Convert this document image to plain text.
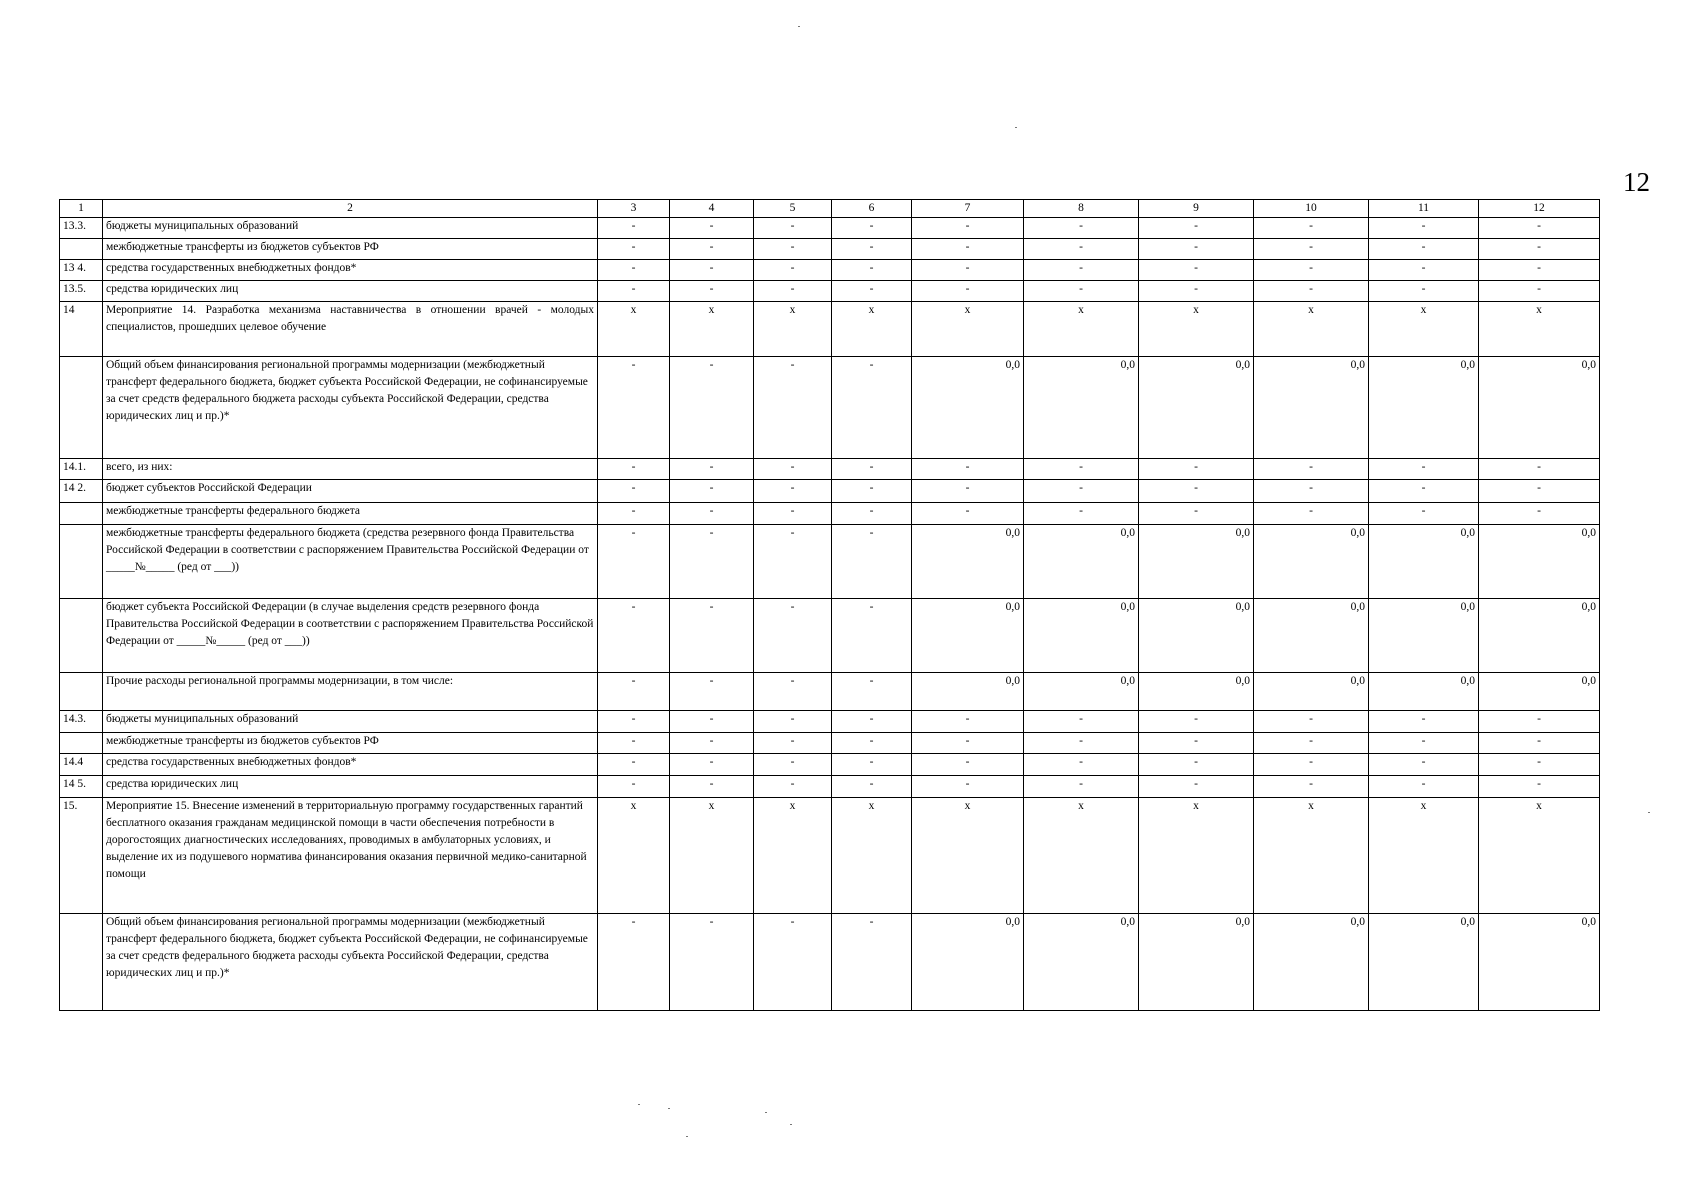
12
1	2	3	4	5	6	7	8	9	10	11	12
13.3.	бюджеты муниципальных образований	-	-	-	-	-	-	-	-	-	-
	межбюджетные трансферты из бюджетов субъектов РФ	-	-	-	-	-	-	-	-	-	-
13 4.	средства государственных внебюджетных фондов*	-	-	-	-	-	-	-	-	-	-
13.5.	средства юридических лиц	-	-	-	-	-	-	-	-	-	-
14	Мероприятие 14. Разработка механизма наставничества в отношении врачей - молодых специалистов, прошедших целевое обучение	x	x	x	x	x	x	x	x	x	x
	Общий объем финансирования региональной программы модернизации (межбюджетный трансферт федерального бюджета, бюджет субъекта Российской Федерации, не софинансируемые за счет средств федерального бюджета расходы субъекта Российской Федерации, средства юридических лиц и пр.)*	-	-	-	-	0,0	0,0	0,0	0,0	0,0	0,0
14.1.	всего, из них:	-	-	-	-	-	-	-	-	-	-
14 2.	бюджет субъектов Российской Федерации	-	-	-	-	-	-	-	-	-	-
	межбюджетные трансферты федерального бюджета	-	-	-	-	-	-	-	-	-	-
	межбюджетные трансферты федерального бюджета (средства резервного фонда Правительства Российской Федерации в соответствии с распоряжением Правительства Российской Федерации от _____№_____ (ред от ___))	-	-	-	-	0,0	0,0	0,0	0,0	0,0	0,0
	бюджет субъекта Российской Федерации (в случае выделения средств резервного фонда Правительства Российской Федерации в соответствии с распоряжением Правительства Российской Федерации от _____№_____ (ред от ___))	-	-	-	-	0,0	0,0	0,0	0,0	0,0	0,0
	Прочие расходы региональной программы модернизации, в том числе:	-	-	-	-	0,0	0,0	0,0	0,0	0,0	0,0
14.3.	бюджеты муниципальных образований	-	-	-	-	-	-	-	-	-	-
	межбюджетные трансферты из бюджетов субъектов РФ	-	-	-	-	-	-	-	-	-	-
14.4	средства государственных внебюджетных фондов*	-	-	-	-	-	-	-	-	-	-
14 5.	средства юридических лиц	-	-	-	-	-	-	-	-	-	-
15.	Мероприятие 15. Внесение изменений в территориальную программу государственных гарантий бесплатного оказания гражданам медицинской помощи в части обеспечения потребности в дорогостоящих диагностических исследованиях, проводимых в амбулаторных условиях, и выделение их из подушевого норматива финансирования оказания первичной медико-санитарной помощи	x	x	x	x	x	x	x	x	x	x
	Общий объем финансирования региональной программы модернизации (межбюджетный трансферт федерального бюджета, бюджет субъекта Российской Федерации, не софинансируемые за счет средств федерального бюджета расходы субъекта Российской Федерации, средства юридических лиц и пр.)*	-	-	-	-	0,0	0,0	0,0	0,0	0,0	0,0
